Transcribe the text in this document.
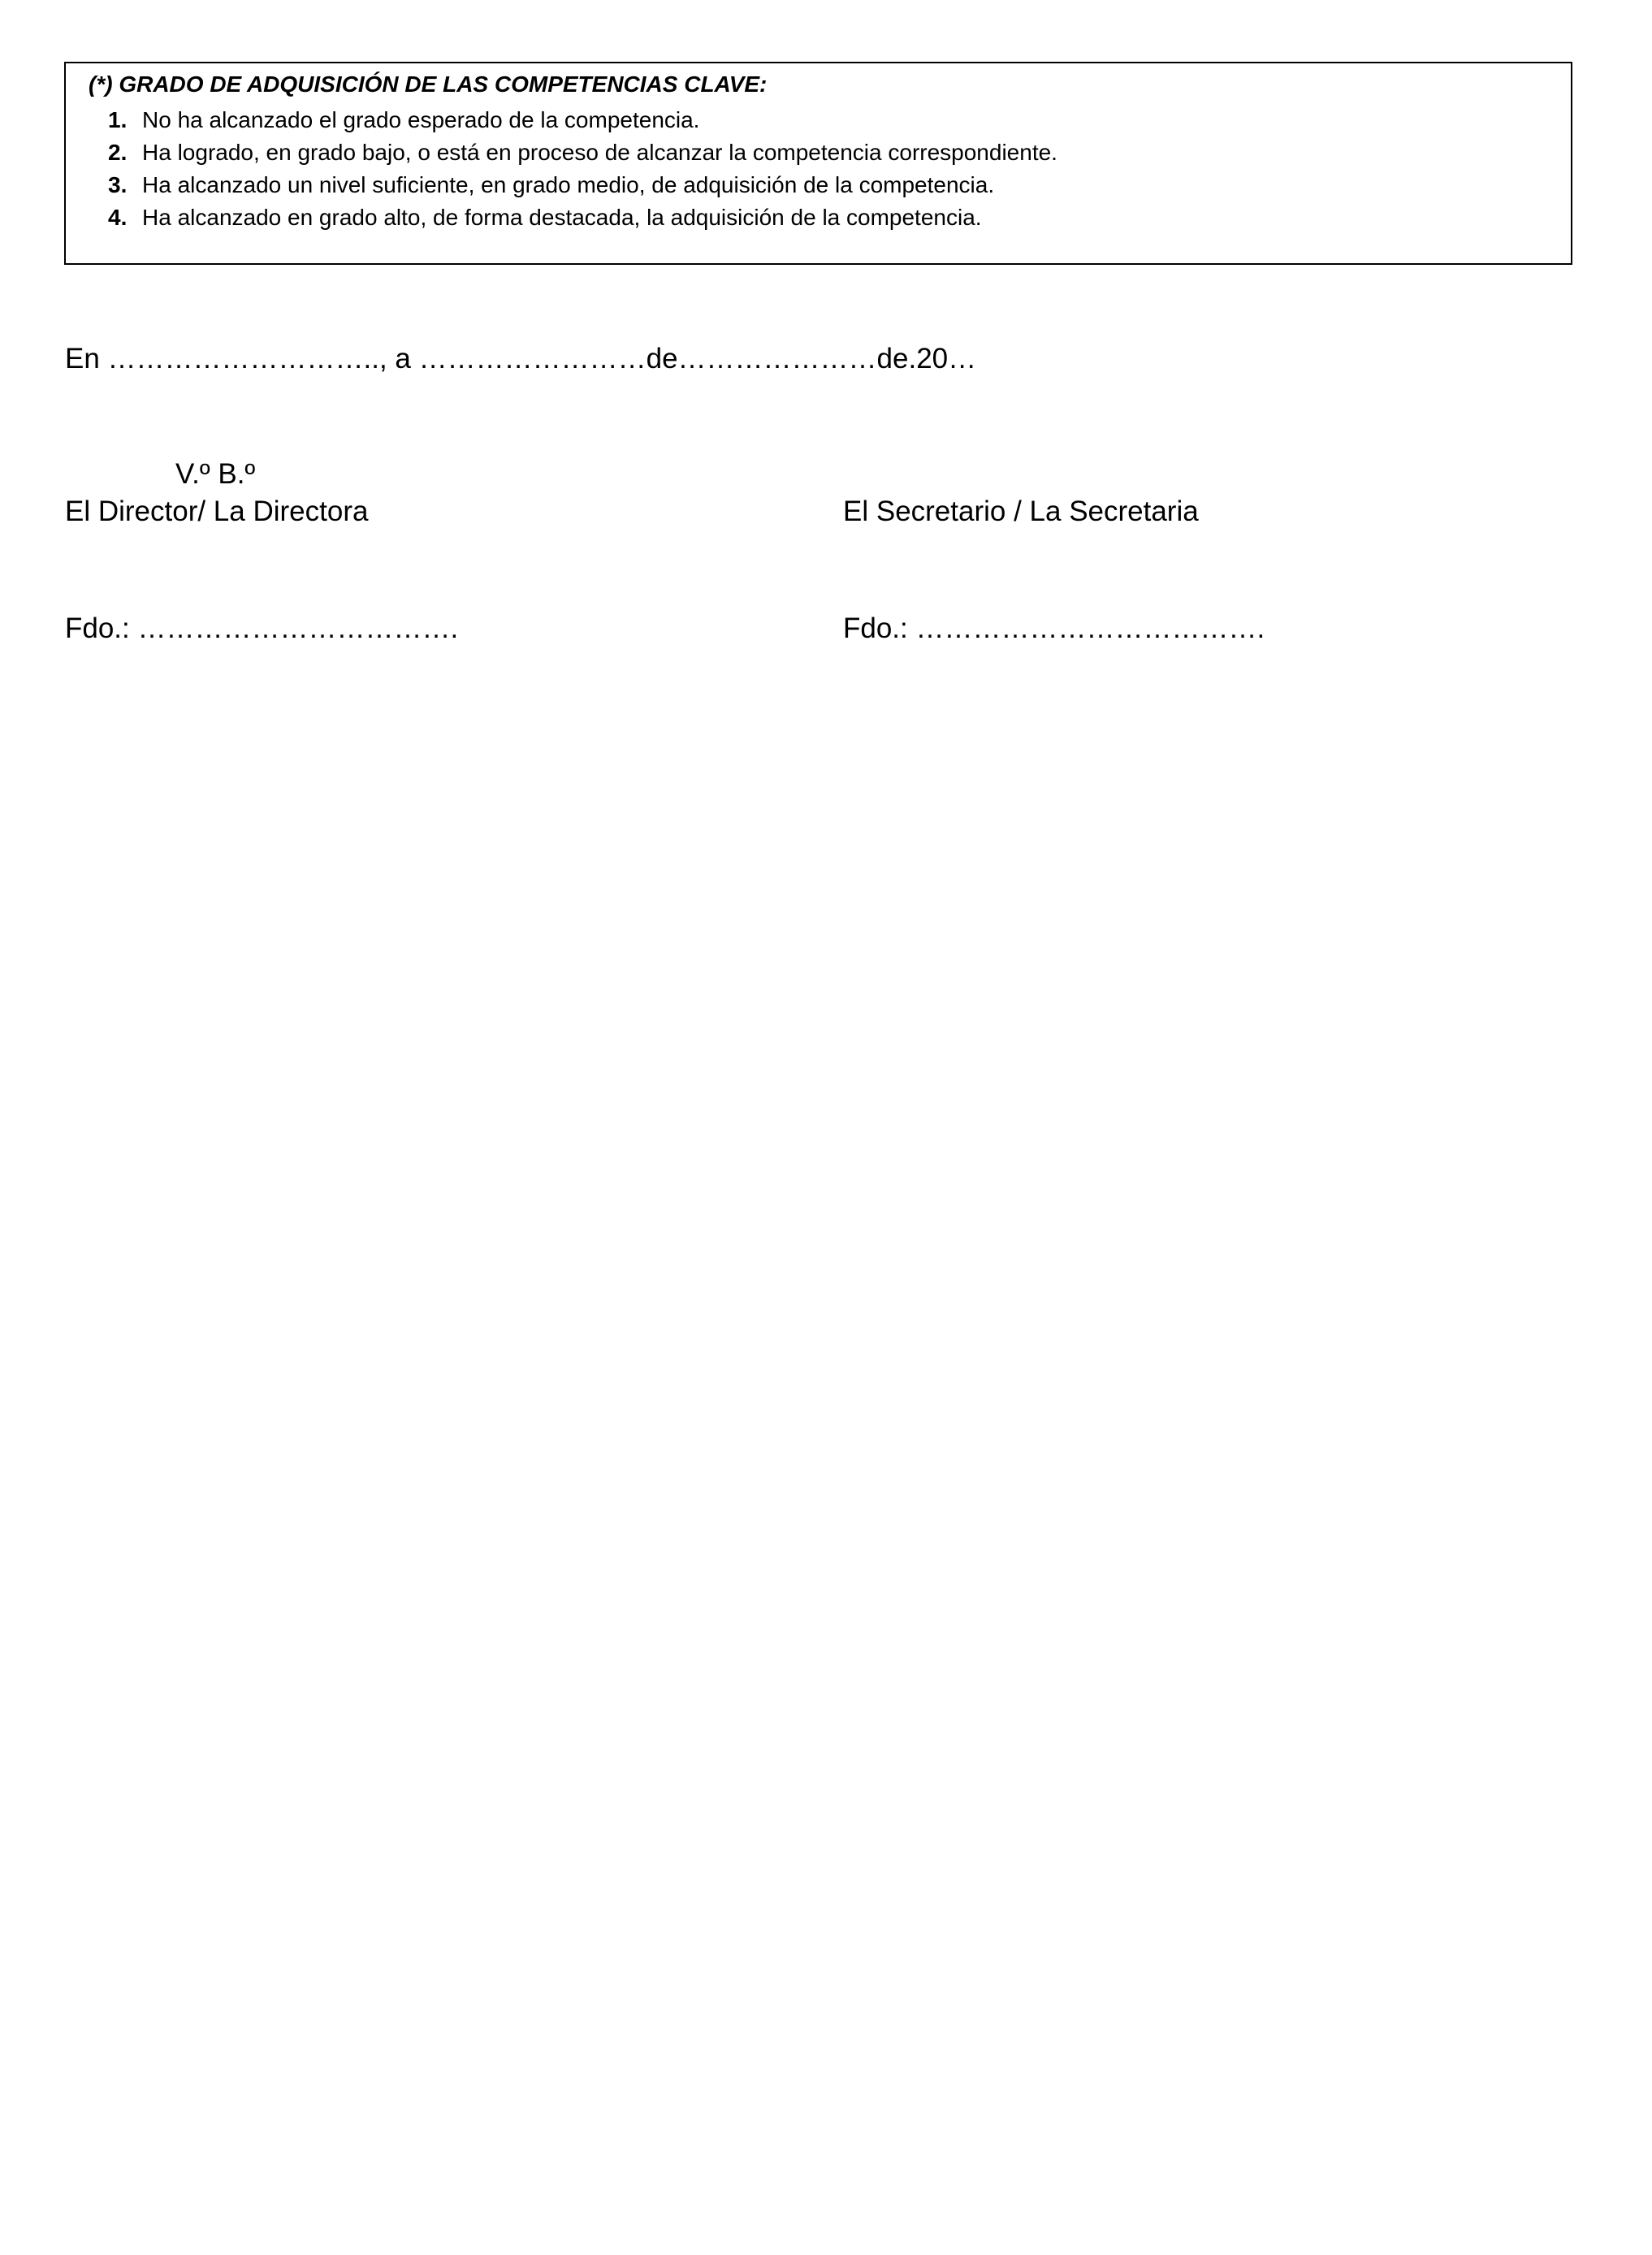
(*) GRADO DE ADQUISICIÓN DE LAS COMPETENCIAS CLAVE:
1. No ha alcanzado el grado esperado de la competencia.
2. Ha logrado, en grado bajo, o está en proceso de alcanzar la competencia correspondiente.
3. Ha alcanzado un nivel suficiente, en grado medio, de adquisición de la competencia.
4. Ha alcanzado en grado alto, de forma destacada, la adquisición de la competencia.
En ……………………….., a ……………………de…………………de.20…
V.º B.º
El Director/ La Directora	El Secretario / La Secretaria
Fdo.: …………………………….	Fdo.: ……………………………….
